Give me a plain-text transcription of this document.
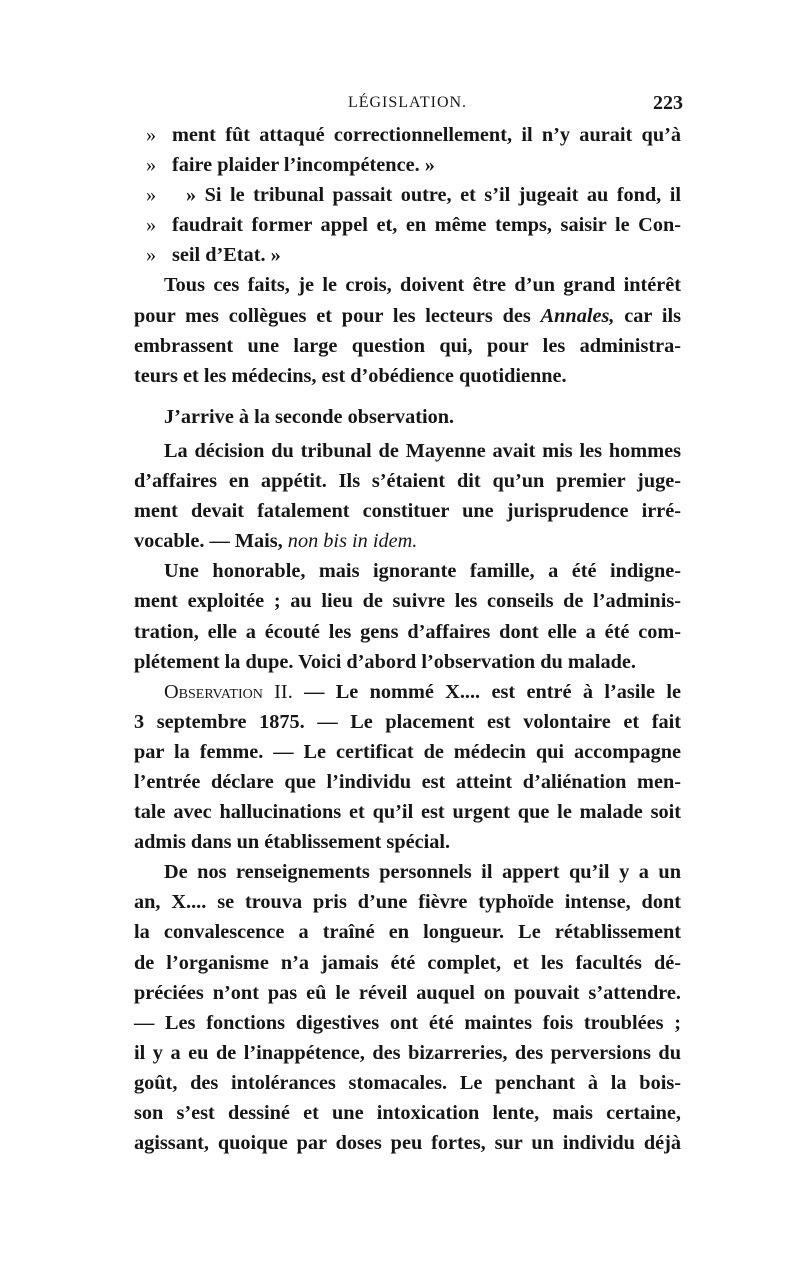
LÉGISLATION.	223
» ment fût attaqué correctionnellement, il n’y aurait qu’à
» faire plaider l’incompétence. »
» » Si le tribunal passait outre, et s’il jugeait au fond, il
» faudrait former appel et, en même temps, saisir le Con-
» seil d’Etat. »
Tous ces faits, je le crois, doivent être d’un grand intérêt
pour mes collègues et pour les lecteurs des Annales, car ils
embrassent une large question qui, pour les administra-
teurs et les médecins, est d’obédience quotidienne.
J’arrive à la seconde observation.
La décision du tribunal de Mayenne avait mis les hommes
d’affaires en appétit. Ils s’étaient dit qu’un premier juge-
ment devait fatalement constituer une jurisprudence irré-
vocable. — Mais, non bis in idem.
Une honorable, mais ignorante famille, a été indigne-
ment exploitée ; au lieu de suivre les conseils de l’adminis-
tration, elle a écouté les gens d’affaires dont elle a été com-
plétement la dupe. Voici d’abord l’observation du malade.
Observation II. — Le nommé X.... est entré à l’asile le
3 septembre 1875. — Le placement est volontaire et fait
par la femme. — Le certificat de médecin qui accompagne
l’entrée déclare que l’individu est atteint d’aliénation men-
tale avec hallucinations et qu’il est urgent que le malade soit
admis dans un établissement spécial.
De nos renseignements personnels il appert qu’il y a un
an, X.... se trouva pris d’une fièvre typhoïde intense, dont
la convalescence a traîné en longueur. Le rétablissement
de l’organisme n’a jamais été complet, et les facultés dé-
préciées n’ont pas eû le réveil auquel on pouvait s’attendre.
— Les fonctions digestives ont été maintes fois troublées ;
il y a eu de l’inappétence, des bizarreries, des perversions du
goût, des intolérances stomacales. Le penchant à la bois-
son s’est dessiné et une intoxication lente, mais certaine,
agissant, quoique par doses peu fortes, sur un individu déjà
